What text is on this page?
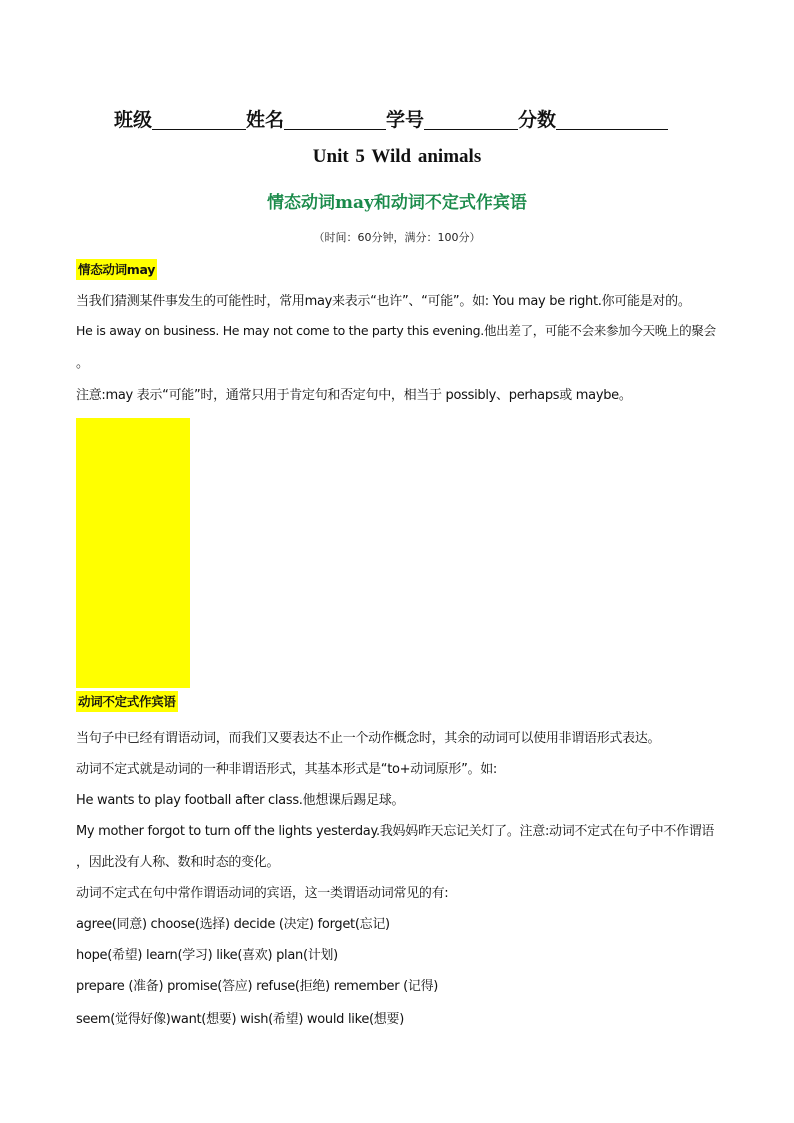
班级	姓名	学号	分数
Unit 5 Wild animals
情态动词may和动词不定式作宾语
（时间：60分钟，满分：100分）
情态动词may
当我们猜测某件事发生的可能性时，常用may来表示“也许”、“可能”。如: You may be right.你可能是对的。
He is away on business. He may not come to the party this evening.他出差了，可能不会来参加今天晚上的聚会
。
注意:may 表示“可能”时，通常只用于肯定句和否定句中，相当于 possibly、perhaps或 maybe。
动词不定式作宾语
当句子中已经有谓语动词，而我们又要表达不止一个动作概念时，其余的动词可以使用非谓语形式表达。
动词不定式就是动词的一种非谓语形式，其基本形式是“to+动词原形”。如:
He wants to play football after class.他想课后踢足球。
My mother forgot to turn off the lights yesterday.我妈妈昨天忘记关灯了。注意:动词不定式在句子中不作谓语
，因此没有人称、数和时态的变化。
动词不定式在句中常作谓语动词的宾语，这一类谓语动词常见的有:
agree(同意) choose(选择) decide (决定) forget(忘记)
hope(希望) learn(学习) like(喜欢) plan(计划)
prepare (准备) promise(答应) refuse(拒绝) remember (记得)
seem(觉得好像)want(想要) wish(希望) would like(想要)
